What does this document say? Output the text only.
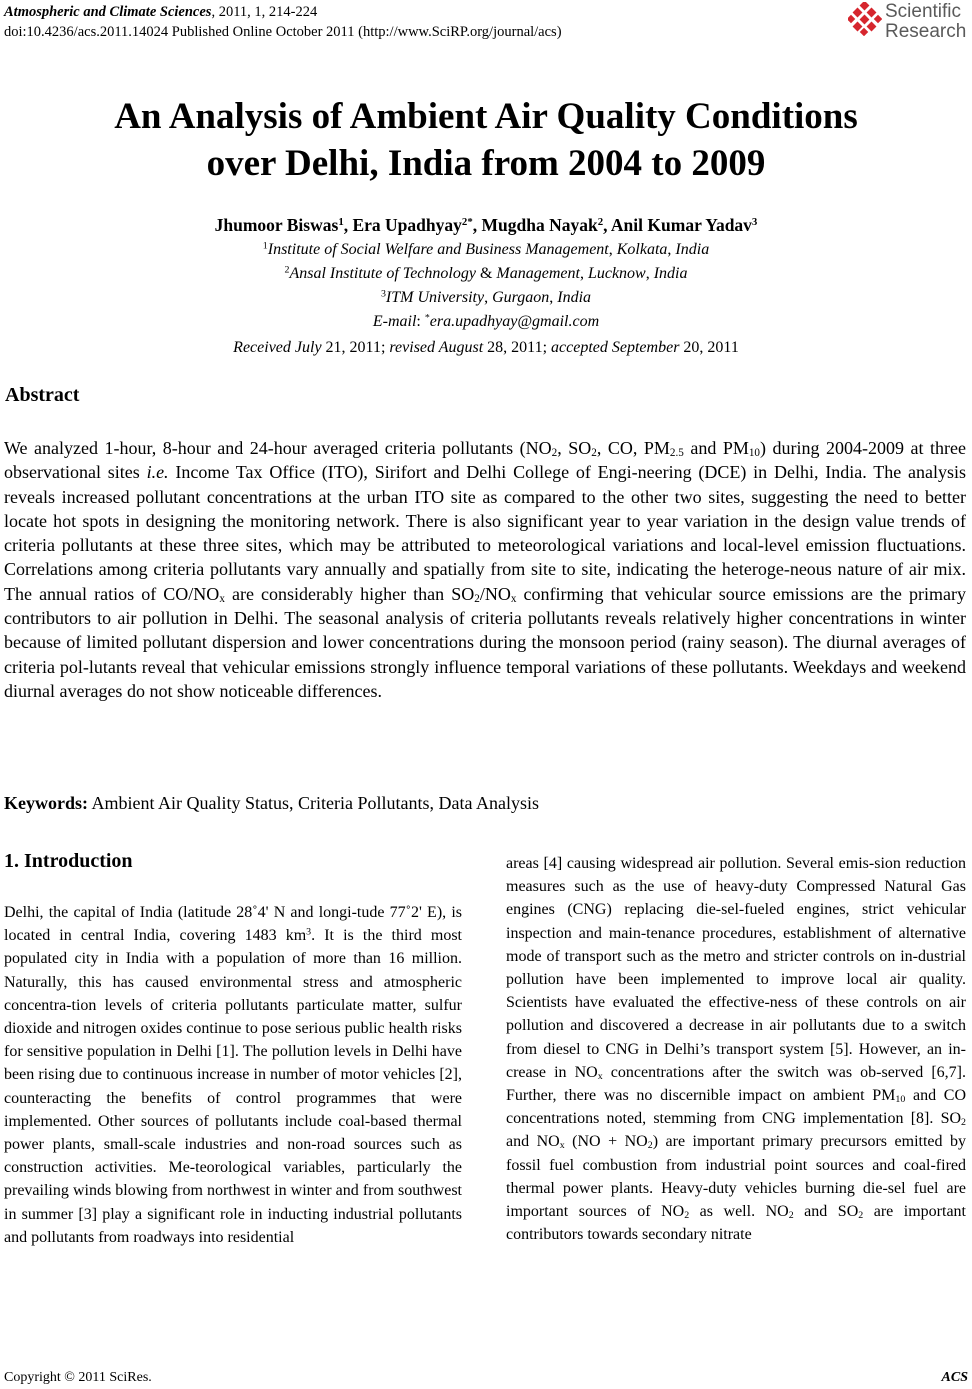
Atmospheric and Climate Sciences, 2011, 1, 214-224
doi:10.4236/acs.2011.14024 Published Online October 2011 (http://www.SciRP.org/journal/acs)
Scientific
Research
An Analysis of Ambient Air Quality Conditions
over Delhi, India from 2004 to 2009
Jhumoor Biswas$^1$, Era Upadhyay$^{2*}$, Mugdha Nayak$^2$, Anil Kumar Yadav$^3$
$^1$Institute of Social Welfare and Business Management, Kolkata, India
$^2$Ansal Institute of Technology & Management, Lucknow, India
$^3$ITM University, Gurgaon, India
E-mail: *era.upadhyay@gmail.com
Received July 21, 2011; revised August 28, 2011; accepted September 20, 2011
Abstract
We analyzed 1-hour, 8-hour and 24-hour averaged criteria pollutants ($NO_2$, $SO_2$, CO, $PM_{2.5}$ and $PM_{10}$) during 2004-2009 at three observational sites i.e. Income Tax Office (ITO), Sirifort and Delhi College of Engi-neering (DCE) in Delhi, India. The analysis reveals increased pollutant concentrations at the urban ITO site as compared to the other two sites, suggesting the need to better locate hot spots in designing the monitoring network. There is also significant year to year variation in the design value trends of criteria pollutants at these three sites, which may be attributed to meteorological variations and local-level emission fluctuations. Correlations among criteria pollutants vary annually and spatially from site to site, indicating the heteroge-neous nature of air mix. The annual ratios of $CO/NO_x$ are considerably higher than $SO_2/NO_x$ confirming that vehicular source emissions are the primary contributors to air pollution in Delhi. The seasonal analysis of criteria pollutants reveals relatively higher concentrations in winter because of limited pollutant dispersion and lower concentrations during the monsoon period (rainy season). The diurnal averages of criteria pol-lutants reveal that vehicular emissions strongly influence temporal variations of these pollutants. Weekdays and weekend diurnal averages do not show noticeable differences.
Keywords: Ambient Air Quality Status, Criteria Pollutants, Data Analysis
1. Introduction
Delhi, the capital of India (latitude 28˚4' N and longi-tude 77˚2' E), is located in central India, covering 1483 $km^3$. It is the third most populated city in India with a population of more than 16 million. Naturally, this has caused environmental stress and atmospheric concentra-tion levels of criteria pollutants particulate matter, sulfur dioxide and nitrogen oxides continue to pose serious public health risks for sensitive population in Delhi [1]. The pollution levels in Delhi have been rising due to continuous increase in number of motor vehicles [2], counteracting the benefits of control programmes that were implemented. Other sources of pollutants include coal-based thermal power plants, small-scale industries and non-road sources such as construction activities. Me-teorological variables, particularly the prevailing winds blowing from northwest in winter and from southwest in summer [3] play a significant role in inducting industrial pollutants and pollutants from roadways into residential
areas [4] causing widespread air pollution. Several emis-sion reduction measures such as the use of heavy-duty Compressed Natural Gas engines (CNG) replacing die-sel-fueled engines, strict vehicular inspection and main-tenance procedures, establishment of alternative mode of transport such as the metro and stricter controls on in-dustrial pollution have been implemented to improve local air quality. Scientists have evaluated the effective-ness of these controls on air pollution and discovered a decrease in air pollutants due to a switch from diesel to CNG in Delhi’s transport system [5]. However, an in-crease in $NO_x$ concentrations after the switch was ob-served [6,7]. Further, there was no discernible impact on ambient $PM_{10}$ and CO concentrations noted, stemming from CNG implementation [8]. $SO_2$ and $NO_x$ $(NO + NO_2)$ are important primary precursors emitted by fossil fuel combustion from industrial point sources and coal-fired thermal power plants. Heavy-duty vehicles burning die-sel fuel are important sources of $NO_2$ as well. $NO_2$ and $SO_2$ are important contributors towards secondary nitrate
Copyright © 2011 SciRes.	ACS
